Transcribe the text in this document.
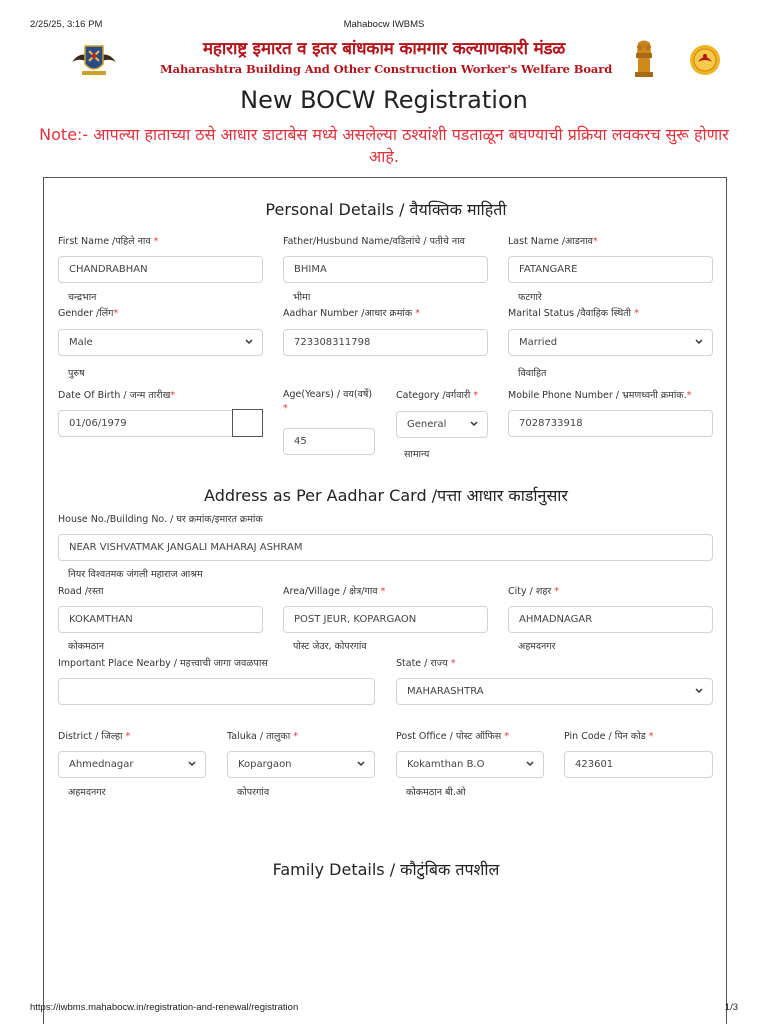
2/25/25, 3:16 PM	Mahabocw IWBMS
महाराष्ट्र इमारत व इतर बांधकाम कामगार कल्याणकारी मंडळ
Maharashtra Building And Other Construction Worker's Welfare Board
New BOCW Registration
Note:- आपल्या हाताच्या ठसे आधार डाटाबेस मध्ये असलेल्या ठश्यांशी पडताळून बघण्याची प्रक्रिया लवकरच सुरू होणार आहे.
Personal Details / वैयक्तिक माहिती
First Name /पहिले नाव *
CHANDRABHAN
चन्द्रभान
Father/Husbund Name/वडिलांचे / पतीचे नाव
BHIMA
भीमा
Last Name /आडनाव*
FATANGARE
फटगारे
Gender /लिंग*
Male
पुरुष
Aadhar Number /आधार क्रमांक *
723308311798
Marital Status /वैवाहिक स्थिती *
Married
विवाहित
Date Of Birth / जन्म तारीख*
01/06/1979
Age(Years) / वय(वर्षे)
*
45
Category /वर्गवारी *
General
सामान्य
Mobile Phone Number / भ्रमणध्वनी क्रमांक.*
7028733918
Address as Per Aadhar Card /पत्ता आधार कार्डानुसार
House No./Building No. / घर क्रमांक/इमारत क्रमांक
NEAR VISHVATMAK JANGALI MAHARAJ ASHRAM
नियर विश्वतमक जंगली महाराज आश्रम
Road /रस्ता
KOKAMTHAN
कोकमठान
Area/Village / क्षेत्र/गाव *
POST JEUR, KOPARGAON
पोस्ट जेउर, कोपरगांव
City / शहर *
AHMADNAGAR
अहमदनगर
Important Place Nearby / महत्त्वाची जागा जवळपास	State / राज्य *
MAHARASHTRA
District / जिल्हा *
Ahmednagar
अहमदनगर
Taluka / तालुका *
Kopargaon
कोपरगांव
Post Office / पोस्ट ऑफिस *
Kokamthan B.O
कोकमठान बी.ओ
Pin Code / पिन कोड *
423601
Family Details / कौटुंबिक तपशील
https://iwbms.mahabocw.in/registration-and-renewal/registration	1/3
